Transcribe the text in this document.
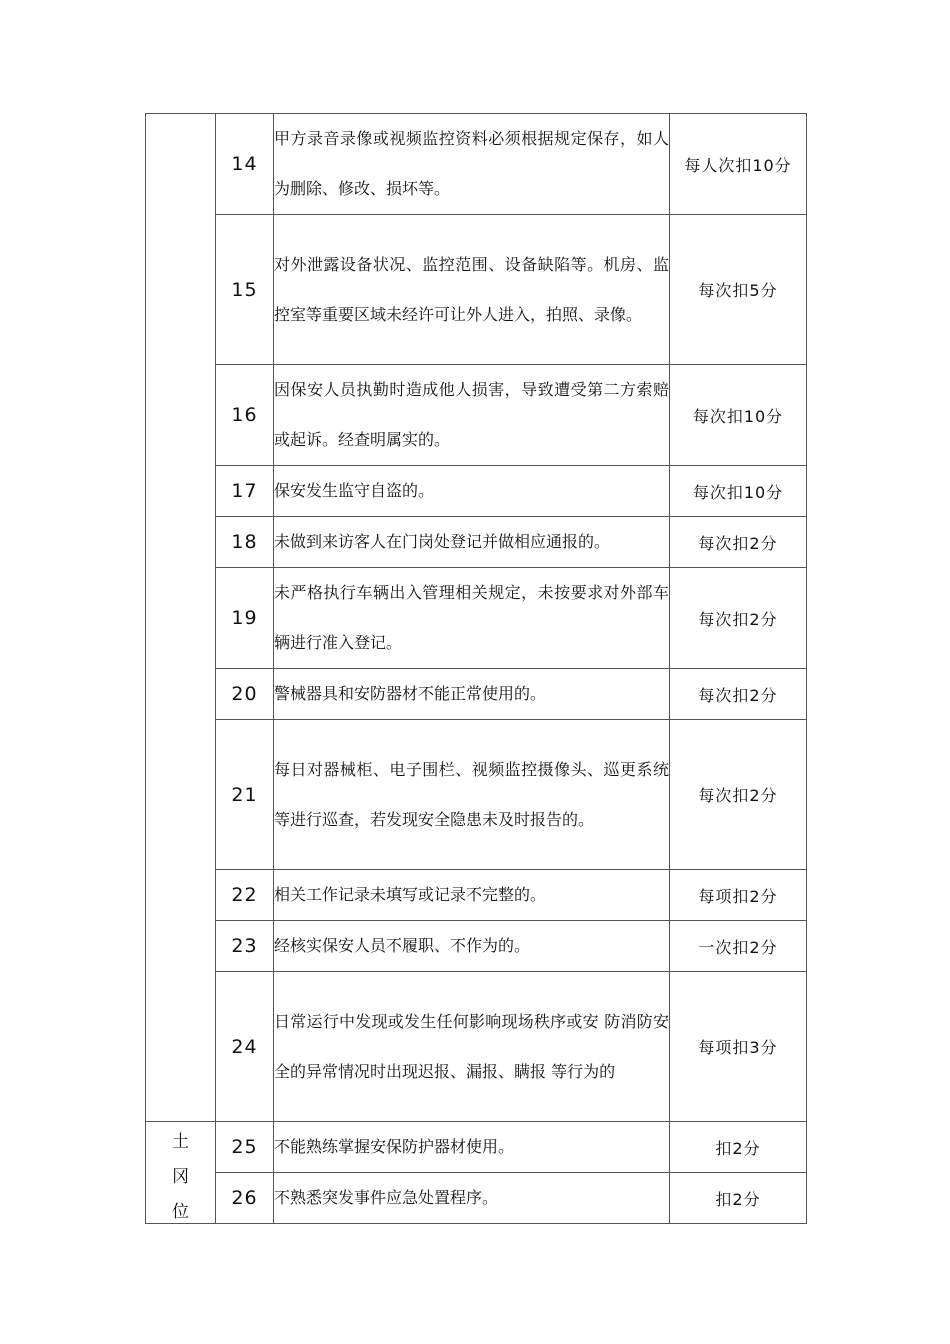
	14	甲方录音录像或视频监控资料必须根据规定保存，如人为删除、修改、损坏等。	每人次扣10分
	15	对外泄露设备状况、监控范围、设备缺陷等。机房、监控室等重要区域未经许可让外人进入，拍照、录像。	每次扣5分
	16	因保安人员执勤时造成他人损害，导致遭受第二方索赔或起诉。经查明属实的。	每次扣10分
	17	保安发生监守自盗的。	每次扣10分
	18	未做到来访客人在门岗处登记并做相应通报的。	每次扣2分
	19	未严格执行车辆出入管理相关规定，未按要求对外部车辆进行准入登记。	每次扣2分
	20	警械器具和安防器材不能正常使用的。	每次扣2分
	21	每日对器械柜、电子围栏、视频监控摄像头、巡更系统等进行巡查，若发现安全隐患未及时报告的。	每次扣2分
	22	相关工作记录未填写或记录不完整的。	每项扣2分
	23	经核实保安人员不履职、不作为的。	一次扣2分
	24	日常运行中发现或发生任何影响现场秩序或安 防消防安全的异常情况时出现迟报、漏报、瞒报 等行为的	每项扣3分

土
冈
位	25	不能熟练掌握安保防护器材使用。	扣2分
	26	不熟悉突发事件应急处置程序。	扣2分
